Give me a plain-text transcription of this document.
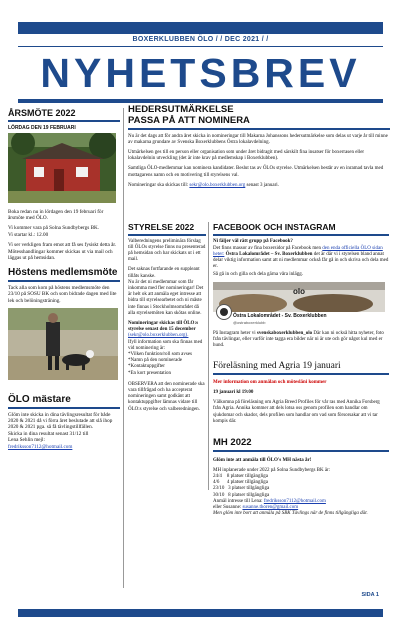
BOXERKLUBBEN ÖLO / / DEC 2021 / /
NYHETSBREV
ÅRSMÖTE 2022
LÖRDAG DEN 19 FEBRUARI

Boka redan nu in lördagen den 19 februari för årsmöte med ÖLO.

Vi kommer vara på Solna Sundbybergs BK.

Vi startar kl.: 12.00

Vi ser verkligen fram emot att få ses fysiskt detta år. Mötesshandlingar kommer skickas ut via mail och läggas ut på hemsidan.

Höstens medlemsmöte

Tack alla som kom på höstens medlemsmöte den 23/10 på SOSU BK och som bidrade dagen med lite lek och belöningsträning.

ÖLO mästare

Glöm inte skicka in dina tävlingsresultat för både 2020 & 2021 då vi förra året beslutade att slå ihop 2020 & 2021 pga. så få tävlingstillfällen.

Skicka in dina resultat senast 31/12 till

Lena Sehlin mejl:

fredriksson7112@hotmail.com

HEDERSUTMÄRKELSE
PASSA PÅ ATT NOMINERA

Nu är det dags att för andra året skicka in nomineringar till Makarna Johanssons hedersutmärkelse som delas ut varje år till minne av makarna grundare av Svenska Boxerklubbens Östra lokalavdelning.

Utmärkelsen ges till en person eller organisation som under året bidragit med särskilt fina insatser för boxerrasen eller lokalavdelnin utveckling (det är inte krav på medlemskap i Boxerklubben).

Samtliga ÖLO-medlemmar kan nominera kandidater. Beslut tas av ÖLOs styrelse. Utmärkelsen består av en inramad tavla med mottagarens namn och en motivering till styrelsens val.

Nomineringar ska skickas till: sekr@olo.boxerklubben.org senast 3 januari.

STYRELSE 2022

Valberedningens preliminära förslag till ÖLOs styrelse finns nu presenterad på hemsidan och har skickats ut i ett mail.

Det saknas fortfarande en suppleant tillåts kanske.

Nu är det ni medlemmar som får inkomma med fler nomineringar! Det är helt ok att anmäla eget intresse att bidra till styrelsearbetet och ni måste inte finnas i Stockholmsområdet då alla styrelsemöten kan skötas online.

Nomineringar skickas till ÖLO:s styrelse senast den 15 december

(sekr@olo.boxerklubben.org).

Ifyll information som ska finnas med vid nominering är:

*Vilken funktion/roll som avses
*Namn på den nominerade
*Kontaktuppgifter
*En kort presentation

OBSERVERA att den nominerade ska vara tillfrågad och ha accepterat nomineringen samt godkänt att kontaktuppgifter lämnas vidare till ÖLO:s styrelse och valberedningen.

FACEBOOK OCH INSTAGRAM

Ni fäljer väl rätt grupp på Facebook?

Det finns massor av fina boxersidor på Facebook men den enda officiella ÖLO sidan heter: Östra Lokalområdet – Sv. Boxerklubben det är där vi i styrelsen bland annat delar viktig information samt att ni medlemmar också får gå in och skriva och dela med er.

Så gå in och gilla och dela gärna våra inlägg.

olo
Östra Lokalområdet - Sv. Boxerklubben
@ostraboxerklubb

På Instagram heter vi svenskaboxerklubben_olo Där kan ni också hitta nyheter, foto från tävlingar, eller varför inte tagga era bilder när ni är ute och gör något kul med er hund.

Föreläsning med Agria 19 januari

Mer information om anmälan och mötesläni kommer

19 januari kl 19:00

Välkomna på föreläsning om Agria Breed Profiles för vår ras med Annika Forsberg från Agria. Annika kommer att dels lotsa oss genom profilen som handlar om sjukdomar och skador, dels profilen som handlar om vad som försorsakar att vi tar kompis där.

MH 2022

Glöm inte att anmäla till ÖLO's MH nästa år!

MH inplanerade under 2022 på Solna Sundbybergs BK är:

24/4    8 platser tillgängliga
4/6      4 platser tillgängliga
23/10   3 platser tillgängliga
30/10   8 platser tillgängliga

Anmäl intresse till Lena: fredriksson7112@hotmail.com

eller Susanne: susanne.thoren@gmail.com

Men glöm inte bort att anmäla på SBK Tävlings när de finns tillgängliga där.

SIDA 1
